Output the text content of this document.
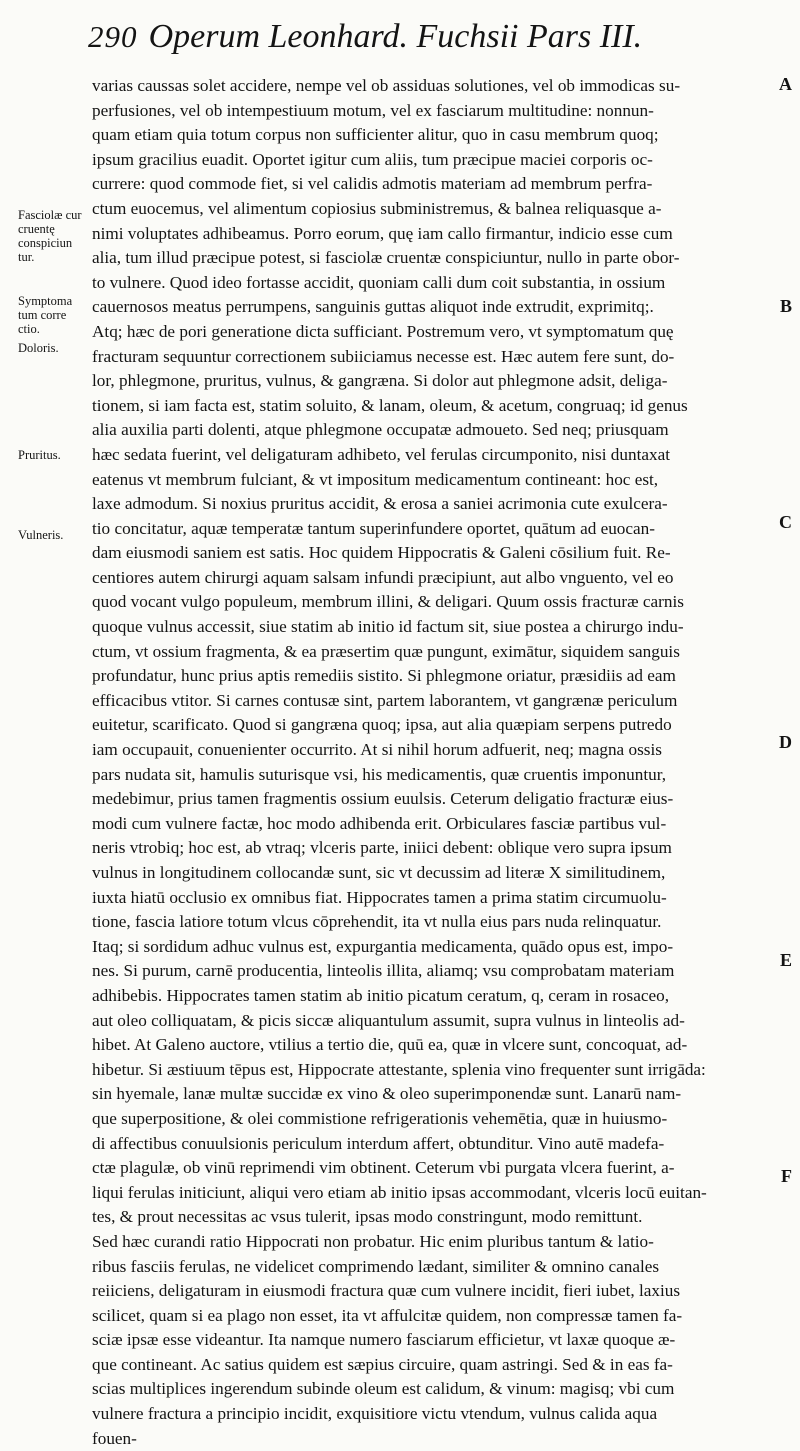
290 Operum Leonhard. Fuchsii Pars III.
varias caussas solet accidere, nempe vel ob assiduas solutiones, vel ob immodicas su-
perfusiones, vel ob intempestiuum motum, vel ex fasciarum multitudine: nonnun-
quam etiam quia totum corpus non sufficienter alitur, quo in casu membrum quoq;
ipsum gracilius euadit. Oportet igitur cum aliis, tum præcipue maciei corporis oc-
currere: quod commode fiet, si vel calidis admotis materiam ad membrum perfra-
ctum euocemus, vel alimentum copiosius subministremus, & balnea reliquasque a-
nimi voluptates adhibeamus. Porro eorum, quę iam callo firmantur, indicio esse cum
alia, tum illud præcipue potest, si fasciolæ cruentæ conspiciuntur, nullo in parte obor-
to vulnere. Quod ideo fortasse accidit, quoniam calli dum coit substantia, in ossium
cauernosos meatus perrumpens, sanguinis guttas aliquot inde extrudit, exprimitq;.
Atq; hæc de pori generatione dicta sufficiant. Postremum vero, vt symptomatum quę
fracturam sequuntur correctionem subiiciamus necesse est. Hæc autem fere sunt, do-
lor, phlegmone, pruritus, vulnus, & gangræna. Si dolor aut phlegmone adsit, deliga-
tionem, si iam facta est, statim soluito, & lanam, oleum, & acetum, congruaq; id genus
alia auxilia parti dolenti, atque phlegmone occupatæ admoueto. Sed neq; priusquam
hæc sedata fuerint, vel deligaturam adhibeto, vel ferulas circumponito, nisi duntaxat
eatenus vt membrum fulciant, & vt impositum medicamentum contineant: hoc est,
laxe admodum. Si noxius pruritus accidit, & erosa a saniei acrimonia cute exulcera-
tio concitatur, aquæ temperatæ tantum superinfundere oportet, quātum ad euocan-
dam eiusmodi saniem est satis. Hoc quidem Hippocratis & Galeni cōsilium fuit. Re-
centiores autem chirurgi aquam salsam infundi præcipiunt, aut albo vnguento, vel eo
quod vocant vulgo populeum, membrum illini, & deligari. Quum ossis fracturæ carnis
quoque vulnus accessit, siue statim ab initio id factum sit, siue postea a chirurgo indu-
ctum, vt ossium fragmenta, & ea præsertim quæ pungunt, eximātur, siquidem sanguis
profundatur, hunc prius aptis remediis sistito. Si phlegmone oriatur, præsidiis ad eam
efficacibus vtitor. Si carnes contusæ sint, partem laborantem, vt gangrænæ periculum
euitetur, scarificato. Quod si gangræna quoq; ipsa, aut alia quæpiam serpens putredo
iam occupauit, conuenienter occurrito. At si nihil horum adfuerit, neq; magna ossis
pars nudata sit, hamulis suturisque vsi, his medicamentis, quæ cruentis imponuntur,
medebimur, prius tamen fragmentis ossium euulsis. Ceterum deligatio fracturæ eius-
modi cum vulnere factæ, hoc modo adhibenda erit. Orbiculares fasciæ partibus vul-
neris vtrobiq; hoc est, ab vtraq; vlceris parte, iniici debent: oblique vero supra ipsum
vulnus in longitudinem collocandæ sunt, sic vt decussim ad literæ X similitudinem,
iuxta hiatū occlusio ex omnibus fiat. Hippocrates tamen a prima statim circumuolu-
tione, fascia latiore totum vlcus cōprehendit, ita vt nulla eius pars nuda relinquatur.
Itaq; si sordidum adhuc vulnus est, expurgantia medicamenta, quādo opus est, impo-
nes. Si purum, carnē producentia, linteolis illita, aliamq; vsu comprobatam materiam
adhibebis. Hippocrates tamen statim ab initio picatum ceratum, q, ceram in rosaceo,
aut oleo colliquatam, & picis siccæ aliquantulum assumit, supra vulnus in linteolis ad-
hibet. At Galeno auctore, vtilius a tertio die, quū ea, quæ in vlcere sunt, concoquat, ad-
hibetur. Si æstiuum tēpus est, Hippocrate attestante, splenia vino frequenter sunt irrigāda:
sin hyemale, lanæ multæ succidæ ex vino & oleo superimponendæ sunt. Lanarū nam-
que superpositione, & olei commistione refrigerationis vehemētia, quæ in huiusmo-
di affectibus conuulsionis periculum interdum affert, obtunditur. Vino autē madefa-
ctæ plagulæ, ob vinū reprimendi vim obtinent. Ceterum vbi purgata vlcera fuerint, a-
liqui ferulas initiciunt, aliqui vero etiam ab initio ipsas accommodant, vlceris locū euitan-
tes, & prout necessitas ac vsus tulerit, ipsas modo constringunt, modo remittunt.
Sed hæc curandi ratio Hippocrati non probatur. Hic enim pluribus tantum & latio-
ribus fasciis ferulas, ne videlicet comprimendo lædant, similiter & omnino canales
reiiciens, deligaturam in eiusmodi fractura quæ cum vulnere incidit, fieri iubet, laxius
scilicet, quam si ea plago non esset, ita vt affulcitæ quidem, non compressæ tamen fa-
sciæ ipsæ esse videantur. Ita namque numero fasciarum efficietur, vt laxæ quoque æ-
que contineant. Ac satius quidem est sæpius circuire, quam astringi. Sed & in eas fa-
scias multiplices ingerendum subinde oleum est calidum, & vinum: magisq; vbi cum
vulnere fractura a principio incidit, exquisitiore victu vtendum, vulnus calida aqua
fouen-
Fasciolæ cur cruentę conspiciun tur.
Symptoma tum corre ctio.
Doloris.
Pruritus.
Vulneris.
A
B
C
D
E
F
